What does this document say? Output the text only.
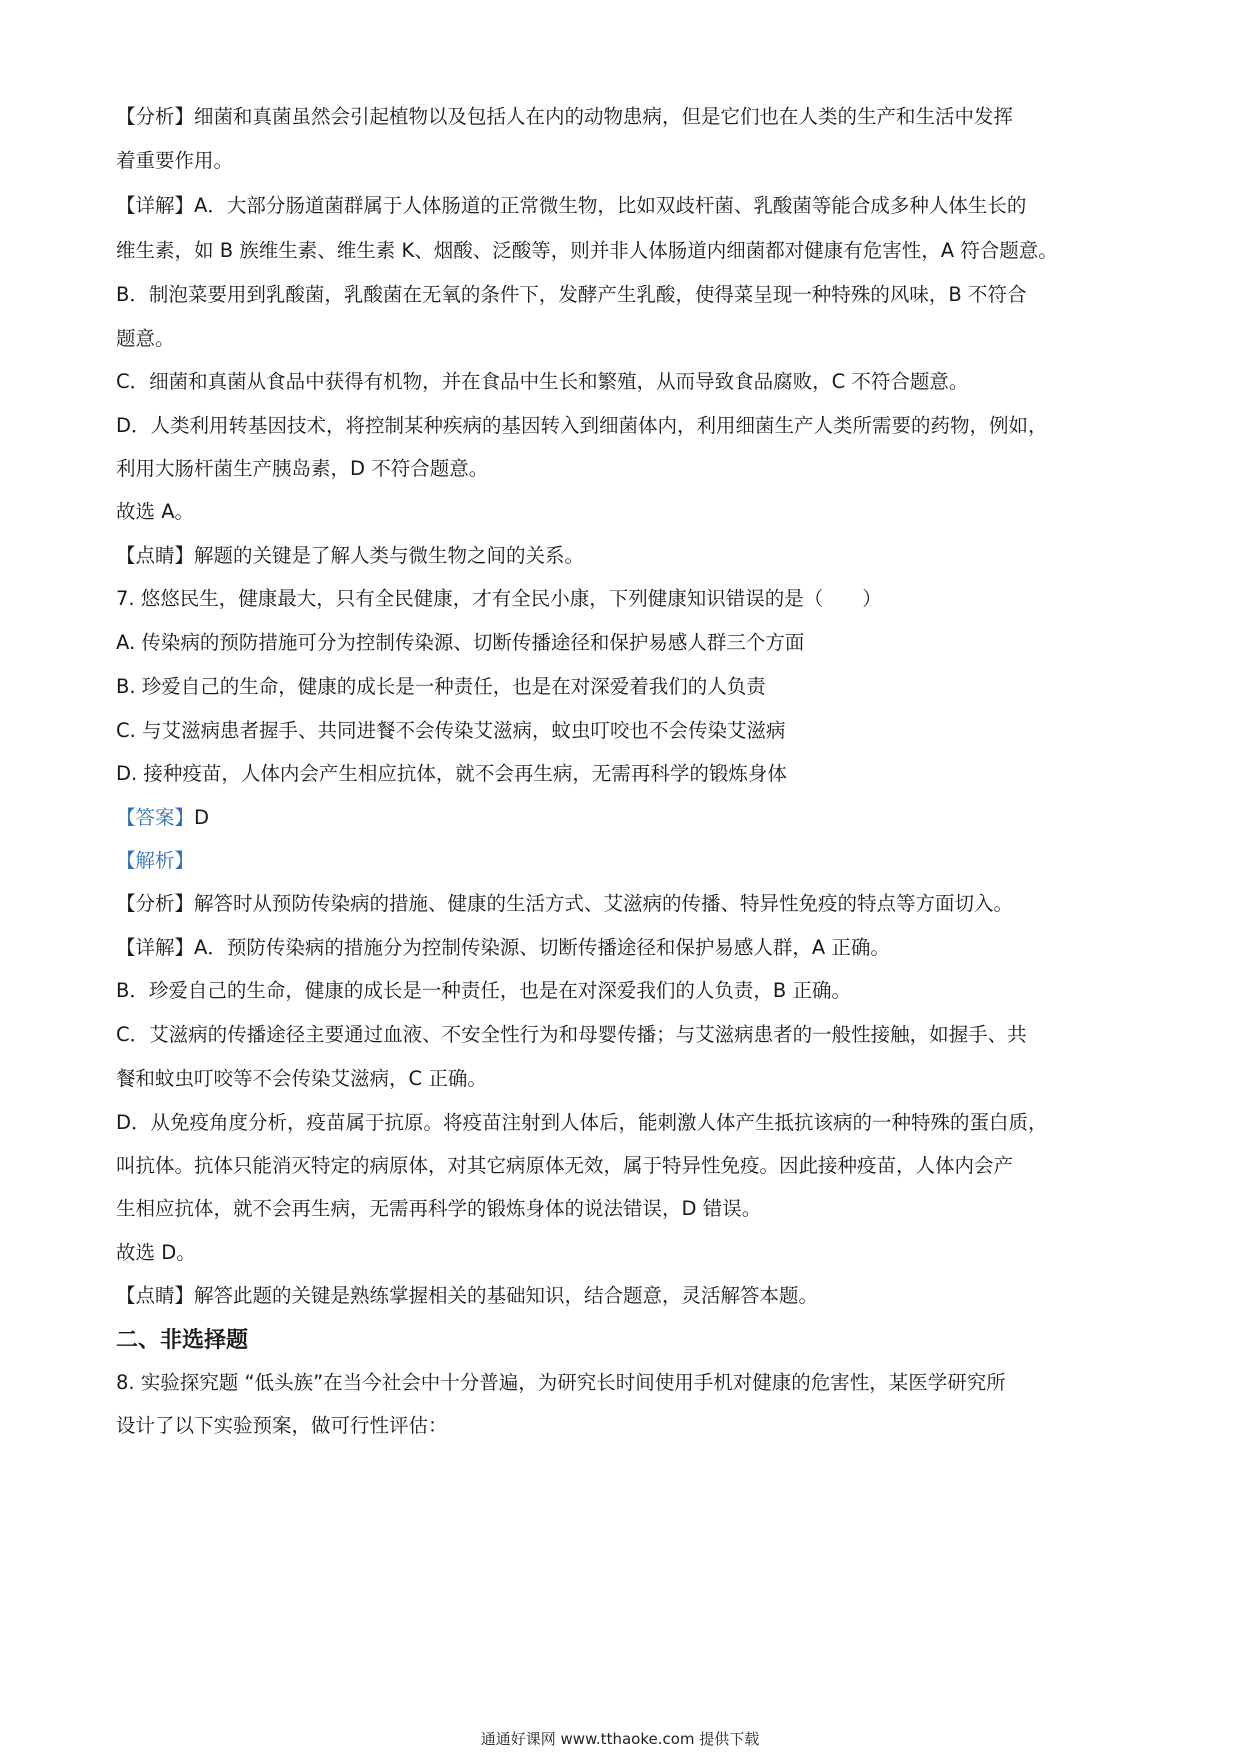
【分析】细菌和真菌虽然会引起植物以及包括人在内的动物患病，但是它们也在人类的生产和生活中发挥
着重要作用。
【详解】A．大部分肠道菌群属于人体肠道的正常微生物，比如双歧杆菌、乳酸菌等能合成多种人体生长的
维生素，如 B 族维生素、维生素 K、烟酸、泛酸等，则并非人体肠道内细菌都对健康有危害性，A 符合题意。
B．制泡菜要用到乳酸菌，乳酸菌在无氧的条件下，发酵产生乳酸，使得菜呈现一种特殊的风味，B 不符合
题意。
C．细菌和真菌从食品中获得有机物，并在食品中生长和繁殖，从而导致食品腐败，C 不符合题意。
D．人类利用转基因技术，将控制某种疾病的基因转入到细菌体内，利用细菌生产人类所需要的药物，例如，
利用大肠杆菌生产胰岛素，D 不符合题意。
故选 A。
【点睛】解题的关键是了解人类与微生物之间的关系。
7. 悠悠民生，健康最大，只有全民健康，才有全民小康，下列健康知识错误的是（　　）
A. 传染病的预防措施可分为控制传染源、切断传播途径和保护易感人群三个方面
B. 珍爱自己的生命，健康的成长是一种责任，也是在对深爱着我们的人负责
C. 与艾滋病患者握手、共同进餐不会传染艾滋病，蚊虫叮咬也不会传染艾滋病
D. 接种疫苗，人体内会产生相应抗体，就不会再生病，无需再科学的锻炼身体
【答案】D
【解析】
【分析】解答时从预防传染病的措施、健康的生活方式、艾滋病的传播、特异性免疫的特点等方面切入。
【详解】A．预防传染病的措施分为控制传染源、切断传播途径和保护易感人群，A 正确。
B．珍爱自己的生命，健康的成长是一种责任，也是在对深爱我们的人负责，B 正确。
C．艾滋病的传播途径主要通过血液、不安全性行为和母婴传播；与艾滋病患者的一般性接触，如握手、共
餐和蚊虫叮咬等不会传染艾滋病，C 正确。
D．从免疫角度分析，疫苗属于抗原。将疫苗注射到人体后，能刺激人体产生抵抗该病的一种特殊的蛋白质，
叫抗体。抗体只能消灭特定的病原体，对其它病原体无效，属于特异性免疫。因此接种疫苗，人体内会产
生相应抗体，就不会再生病，无需再科学的锻炼身体的说法错误，D 错误。
故选 D。
【点睛】解答此题的关键是熟练掌握相关的基础知识，结合题意，灵活解答本题。
二、非选择题
8. 实验探究题 “低头族”在当今社会中十分普遍，为研究长时间使用手机对健康的危害性，某医学研究所
设计了以下实验预案，做可行性评估：
通通好课网 www.tthaoke.com 提供下载
